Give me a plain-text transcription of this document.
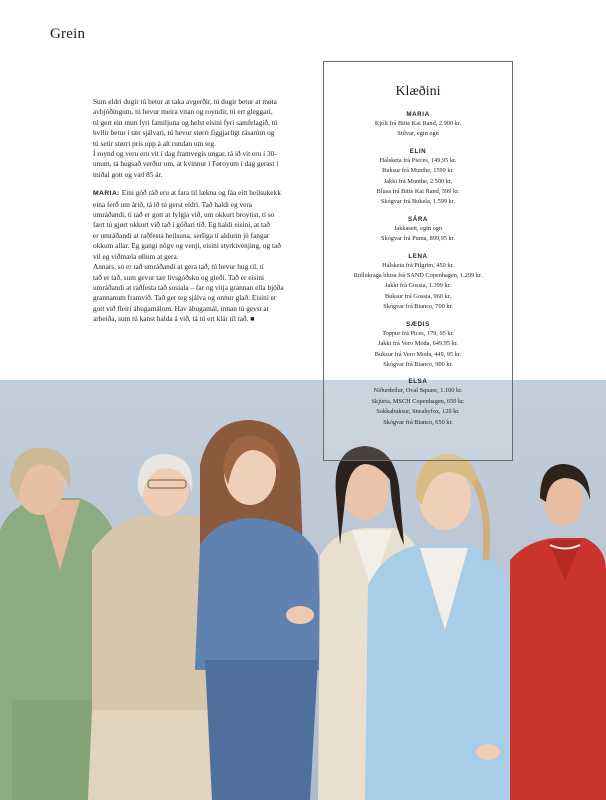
Grein

Sum eldri dugir tú betur at taka avgerðir, tú dugir betur at møta
avbjóðingum, tú hevur meira vitan og royndir, tú ert gleggari,
tú gert ein mun fyri familjuna og helst eisini fyri samfelagið, tú
hvílir betur í tær sjálvari, tú hevur størri fíggjarligt rásarúm og
tú setir størri prís upp á alt rundan um teg.
Í roynd og veru eru vit í dag framvegis ungar, tá ið vit eru í 30-
unum, tá hugsað verður um, at kvinnur í Føroyum í dag gerast í
miðal gott og væl 85 ár.

MARIA: Eini góð ráð eru at fara til lækna og fáa eitt heilsukekk
eina ferð um árið, tá ið tú gerst eldri. Tað haldi eg vera
umráðandi, tí tað er gott at fylgja við, um okkurt broytist, tí so
fært tú gjørt okkurt við tað í góðari tíð. Eg haldi eisini, at tað
er umráðandi at raðfesta heilsuna, serliga tí aldurin jú fangar
okkum allar. Eg gangi nógv og venji, eisini styrkivenjing, og tað
vil eg viðmæla øllum at gera.
Annars, so er tað umráðandi at gera tað, tú hevur hug til, tí
tað er tað, sum gevur tær lívsgóðsku og gleði. Tað er eisini
umráðandi at raðfesta tað sosiala – far og vitja grannan ella bjóða
grannanum framvið. Tað ger teg sjálva og onnur glað. Eisini er
gott við fleiri áhugamálum. Hav áhugamál, innan tú gevst at
arbeiða, sum tú kanst halda á við, tá tú ert klár til tað. ■

Klæðini
MARIA
Kjóli frá Bitte Kai Rand, 2.900 kr.
Stilvar, egin ogn
ELIN
Hálsketa frá Pieces, 149,95 kr.
Buksur frá Munthe, 1599 kr.
Jakki frá Munthe, 2.500 kr.
Blusa frá Bitte Kai Rand, 599 kr.
Skógvar frá Bukela, 1.599 kr.
SÁRA
Jakkasett, egin ogn
Skógvar frá Puma, 899,95 kr.
LENA
Hálsketa frá Pilgrim, 450 kr.
Rullukraga blusa frá SAND Copenhagen, 1.299 kr.
Jakki frá Gossia, 1.399 kr.
Buksur frá Gossia, 960 kr.
Skógvar frá Bianco, 700 kr.
SÆDIS
Toppur frá Pices, 179, 95 kr.
Jakki frá Vero Moda, 649,95 kr.
Buksur frá Vero Moda, 449, 95 kr.
Skógvar frá Bianco, 900 kr.
ELSA
Niðurdeilur, Oval Square, 1.100 kr.
Skjúrta, MSCH Copenhagen, 650 kr.
Sokkabuksur, Sneakyfox, 120 kr.
Skógvar frá Bianco, 650 kr.
